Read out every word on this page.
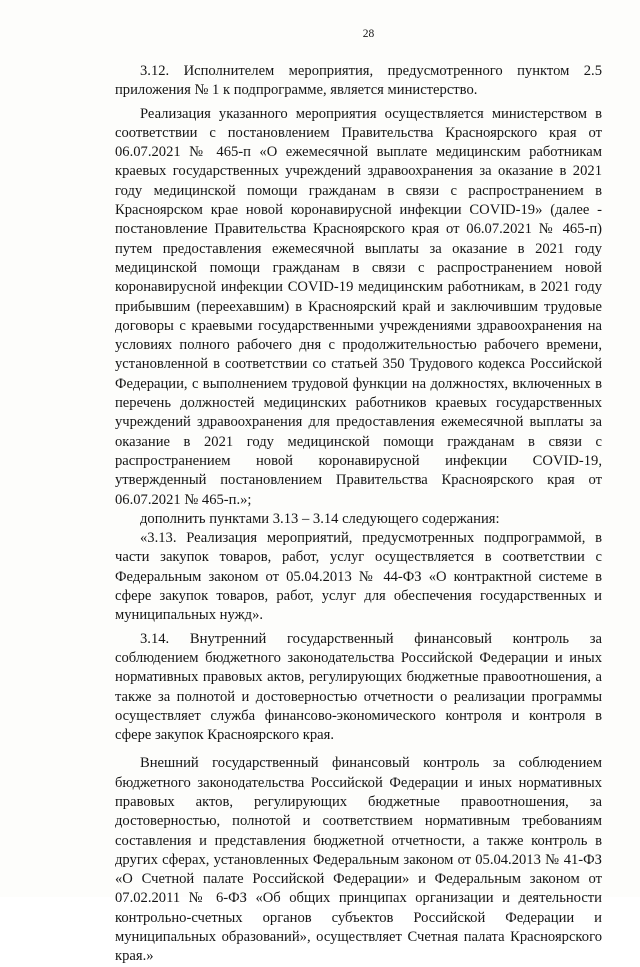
28

3.12. Исполнителем мероприятия, предусмотренного пунктом 2.5 приложения № 1 к подпрограмме, является министерство.

Реализация указанного мероприятия осуществляется министерством в соответствии с постановлением Правительства Красноярского края от 06.07.2021 № 465-п «О ежемесячной выплате медицинским работникам краевых государственных учреждений здравоохранения за оказание в 2021 году медицинской помощи гражданам в связи с распространением в Красноярском крае новой коронавирусной инфекции COVID-19» (далее - постановление Правительства Красноярского края от 06.07.2021 № 465-п) путем предоставления ежемесячной выплаты за оказание в 2021 году медицинской помощи гражданам в связи с распространением новой коронавирусной инфекции COVID-19 медицинским работникам, в 2021 году прибывшим (переехавшим) в Красноярский край и заключившим трудовые договоры с краевыми государственными учреждениями здравоохранения на условиях полного рабочего дня с продолжительностью рабочего времени, установленной в соответствии со статьей 350 Трудового кодекса Российской Федерации, с выполнением трудовой функции на должностях, включенных в перечень должностей медицинских работников краевых государственных учреждений здравоохранения для предоставления ежемесячной выплаты за оказание в 2021 году медицинской помощи гражданам в связи с распространением новой коронавирусной инфекции COVID-19, утвержденный постановлением Правительства Красноярского края от 06.07.2021 № 465-п.»;

дополнить пунктами 3.13 – 3.14 следующего содержания:

«3.13. Реализация мероприятий, предусмотренных подпрограммой, в части закупок товаров, работ, услуг осуществляется в соответствии с Федеральным законом от 05.04.2013 № 44-ФЗ «О контрактной системе в сфере закупок товаров, работ, услуг для обеспечения государственных и муниципальных нужд».

3.14. Внутренний государственный финансовый контроль за соблюдением бюджетного законодательства Российской Федерации и иных нормативных правовых актов, регулирующих бюджетные правоотношения, а также за полнотой и достоверностью отчетности о реализации программы осуществляет служба финансово-экономического контроля и контроля в сфере закупок Красноярского края.

Внешний государственный финансовый контроль за соблюдением бюджетного законодательства Российской Федерации и иных нормативных правовых актов, регулирующих бюджетные правоотношения, за достоверностью, полнотой и соответствием нормативным требованиям составления и представления бюджетной отчетности, а также контроль в других сферах, установленных Федеральным законом от 05.04.2013 № 41-ФЗ «О Счетной палате Российской Федерации» и Федеральным законом от 07.02.2011 № 6-ФЗ «Об общих принципах организации и деятельности контрольно-счетных органов субъектов Российской Федерации и муниципальных образований», осуществляет Счетная палата Красноярского края.»
